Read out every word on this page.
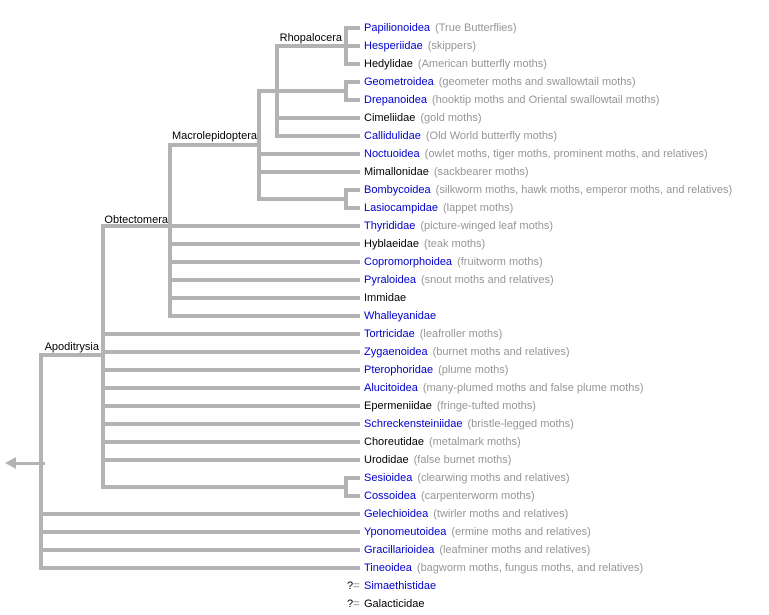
Papilionoidea (True Butterflies)
Hesperiidae (skippers)
Hedylidae (American butterfly moths)
Geometroidea (geometer moths and swallowtail moths)
Drepanoidea (hooktip moths and Oriental swallowtail moths)
Cimeliidae (gold moths)
Callidulidae (Old World butterfly moths)
Noctuoidea (owlet moths, tiger moths, prominent moths, and relatives)
Mimallonidae (sackbearer moths)
Bombycoidea (silkworm moths, hawk moths, emperor moths, and relatives)
Lasiocampidae (lappet moths)
Thyrididae (picture-winged leaf moths)
Hyblaeidae (teak moths)
Copromorphoidea (fruitworm moths)
Pyraloidea (snout moths and relatives)
Immidae
Whalleyanidae
Tortricidae (leafroller moths)
Zygaenoidea (burnet moths and relatives)
Pterophoridae (plume moths)
Alucitoidea (many-plumed moths and false plume moths)
Epermeniidae (fringe-tufted moths)
Schreckensteiniidae (bristle-legged moths)
Choreutidae (metalmark moths)
Urodidae (false burnet moths)
Sesioidea (clearwing moths and relatives)
Cossoidea (carpenterworm moths)
Gelechioidea (twirler moths and relatives)
Yponomeutoidea (ermine moths and relatives)
Gracillarioidea (leafminer moths and relatives)
Tineoidea (bagworm moths, fungus moths, and relatives)
?= Simaethistidae
?= Galacticidae
Rhopalocera
Macrolepidoptera
Obtectomera
Apoditrysia
